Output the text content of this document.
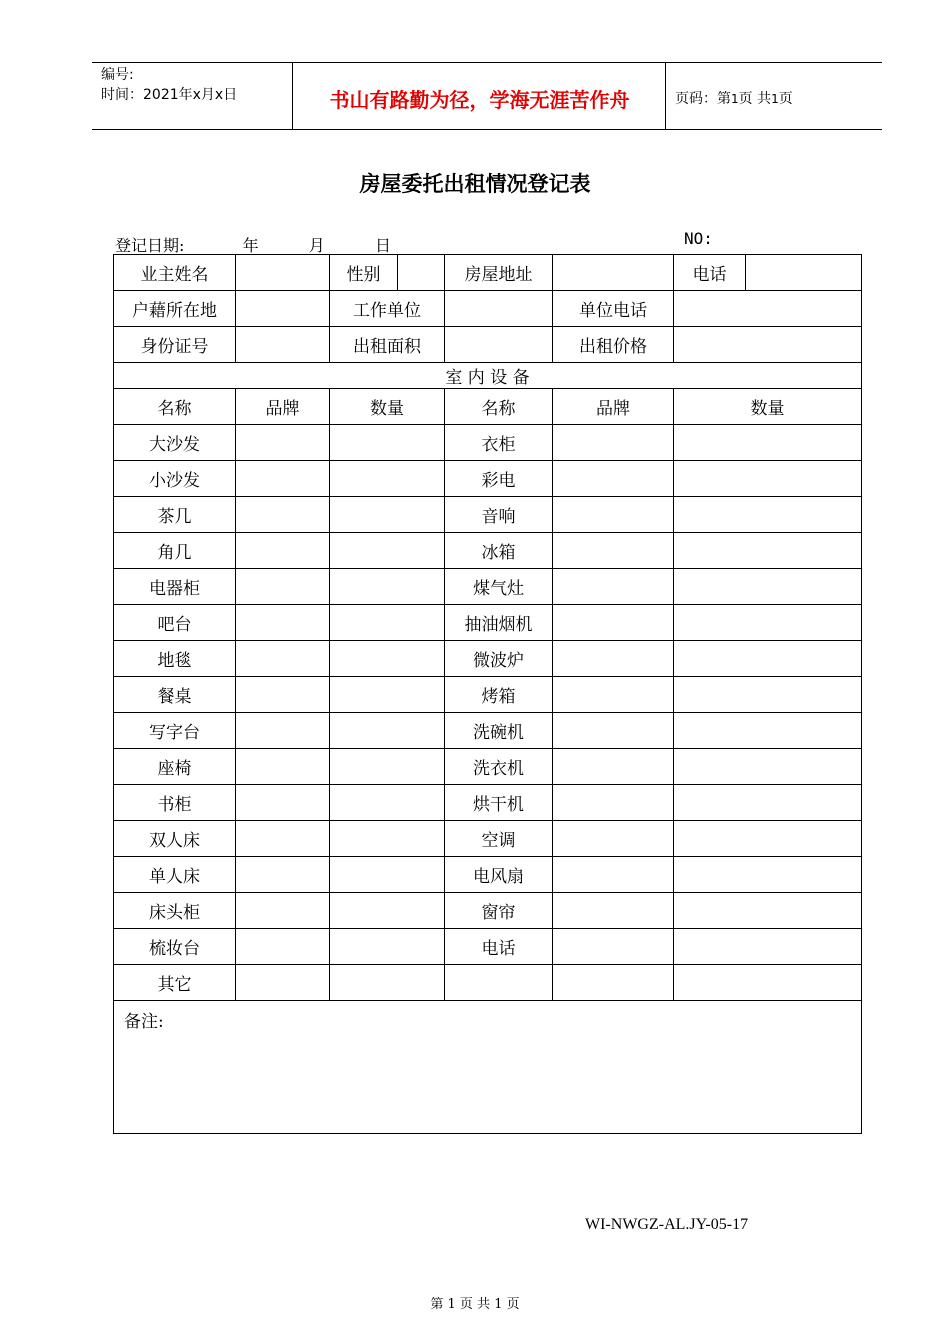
编号:
时间：2021年x月x日	书山有路勤为径，学海无涯苦作舟	页码：第1页 共1页
房屋委托出租情况登记表
登记日期:	年	月	日	NO:
业主姓名		性别		房屋地址		电话	
户藉所在地		工作单位			单位电话		
身份证号		出租面积			出租价格		
室 内 设 备							
名称	品牌	数量		名称	品牌	数量	
大沙发				衣柜			
小沙发				彩电			
茶几				音响			
角几				冰箱			
电器柜				煤气灶			
吧台				抽油烟机			
地毯				微波炉			
餐桌				烤箱			
写字台				洗碗机			
座椅				洗衣机			
书柜				烘干机			
双人床				空调			
单人床				电风扇			
床头柜				窗帘			
梳妆台				电话			
其它							
备注:							
WI-NWGZ-AL.JY-05-17
第 1 页 共 1 页
